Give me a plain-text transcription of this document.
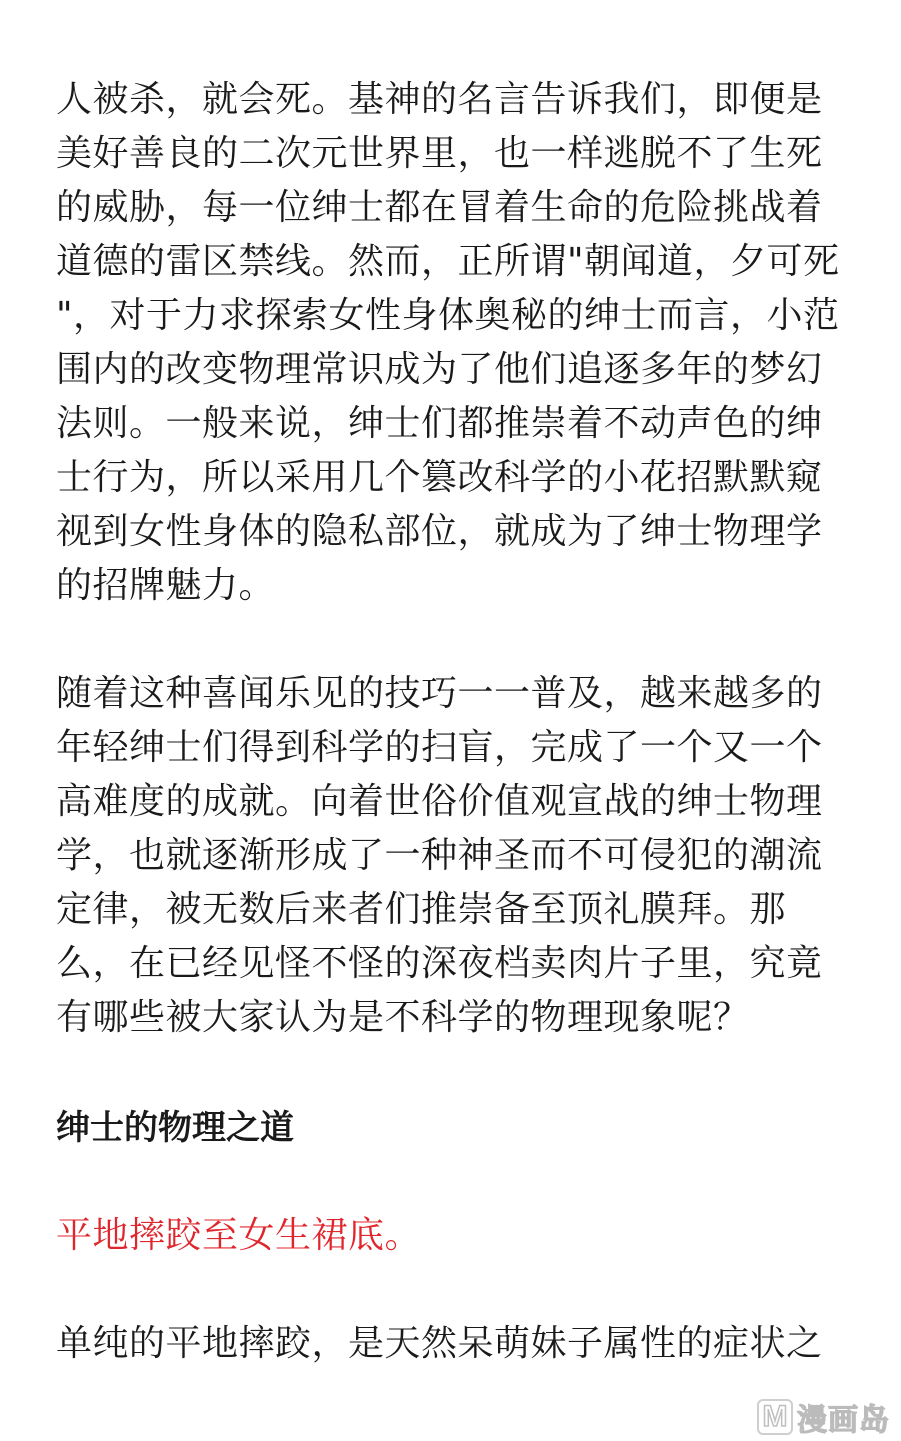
人被杀，就会死。基神的名言告诉我们，即便是
美好善良的二次元世界里，也一样逃脱不了生死
的威胁，每一位绅士都在冒着生命的危险挑战着
道德的雷区禁线。然而，正所谓"朝闻道，夕可死
"，对于力求探索女性身体奥秘的绅士而言，小范
围内的改变物理常识成为了他们追逐多年的梦幻
法则。一般来说，绅士们都推崇着不动声色的绅
士行为，所以采用几个篡改科学的小花招默默窥
视到女性身体的隐私部位，就成为了绅士物理学
的招牌魅力。

随着这种喜闻乐见的技巧一一普及，越来越多的
年轻绅士们得到科学的扫盲，完成了一个又一个
高难度的成就。向着世俗价值观宣战的绅士物理
学，也就逐渐形成了一种神圣而不可侵犯的潮流
定律，被无数后来者们推崇备至顶礼膜拜。那
么，在已经见怪不怪的深夜档卖肉片子里，究竟
有哪些被大家认为是不科学的物理现象呢？

绅士的物理之道

平地摔跤至女生裙底。

单纯的平地摔跤，是天然呆萌妹子属性的症状之

M 漫画岛
